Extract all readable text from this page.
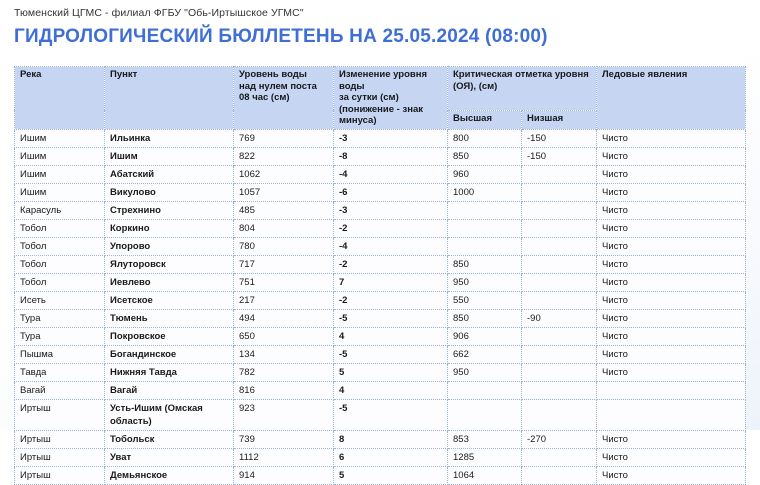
Тюменский ЦГМС - филиал ФГБУ "Обь-Иртышское УГМС"
ГИДРОЛОГИЧЕСКИЙ БЮЛЛЕТЕНЬ НА 25.05.2024 (08:00)
Река	Пункт	Уровень воды
над нулем поста
08 час (см)	Изменение уровня воды
за сутки (см)
(понижение - знак
минуса)	Критическая отметка уровня
(ОЯ), (см)		Ледовые явления
				Высшая	Низшая	
Ишим	Ильинка	769	-3	800	-150	Чисто
Ишим	Ишим	822	-8	850	-150	Чисто
Ишим	Абатский	1062	-4	960		Чисто
Ишим	Викулово	1057	-6	1000		Чисто
Карасуль	Стрехнино	485	-3			Чисто
Тобол	Коркино	804	-2			Чисто
Тобол	Упорово	780	-4			Чисто
Тобол	Ялуторовск	717	-2	850		Чисто
Тобол	Иевлево	751	7	950		Чисто
Исеть	Исетское	217	-2	550		Чисто
Тура	Тюмень	494	-5	850	-90	Чисто
Тура	Покровское	650	4	906		Чисто
Пышма	Богандинское	134	-5	662		Чисто
Тавда	Нижняя Тавда	782	5	950		Чисто
Вагай	Вагай	816	4			
Иртыш	Усть-Ишим (Омская область)	923	-5			
Иртыш	Тобольск	739	8	853	-270	Чисто
Иртыш	Уват	1112	6	1285		Чисто
Иртыш	Демьянское	914	5	1064		Чисто
